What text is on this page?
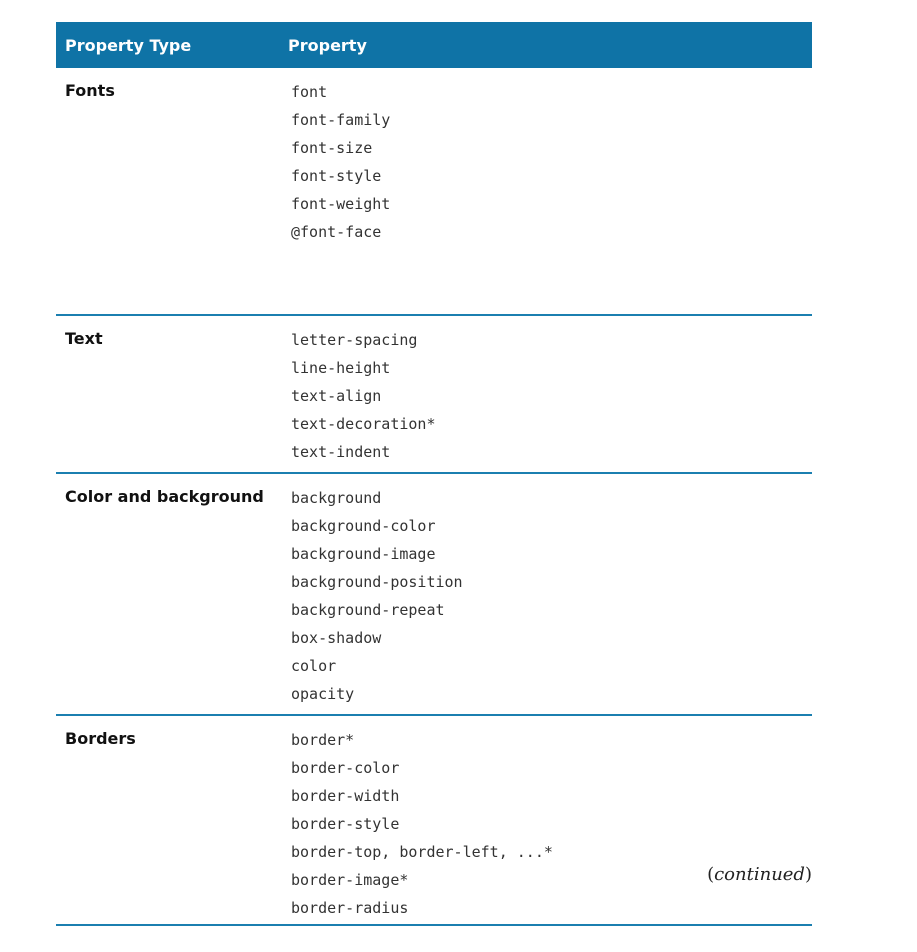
Property Type	Property
Fonts	font
font-family
font-size
font-style
font-weight
@font-face
Text	letter-spacing
line-height
text-align
text-decoration*
text-indent
Color and background	background
background-color
background-image
background-position
background-repeat
box-shadow
color
opacity
Borders	border*
border-color
border-width
border-style
border-top, border-left, ...*
border-image*
border-radius
(continued)
